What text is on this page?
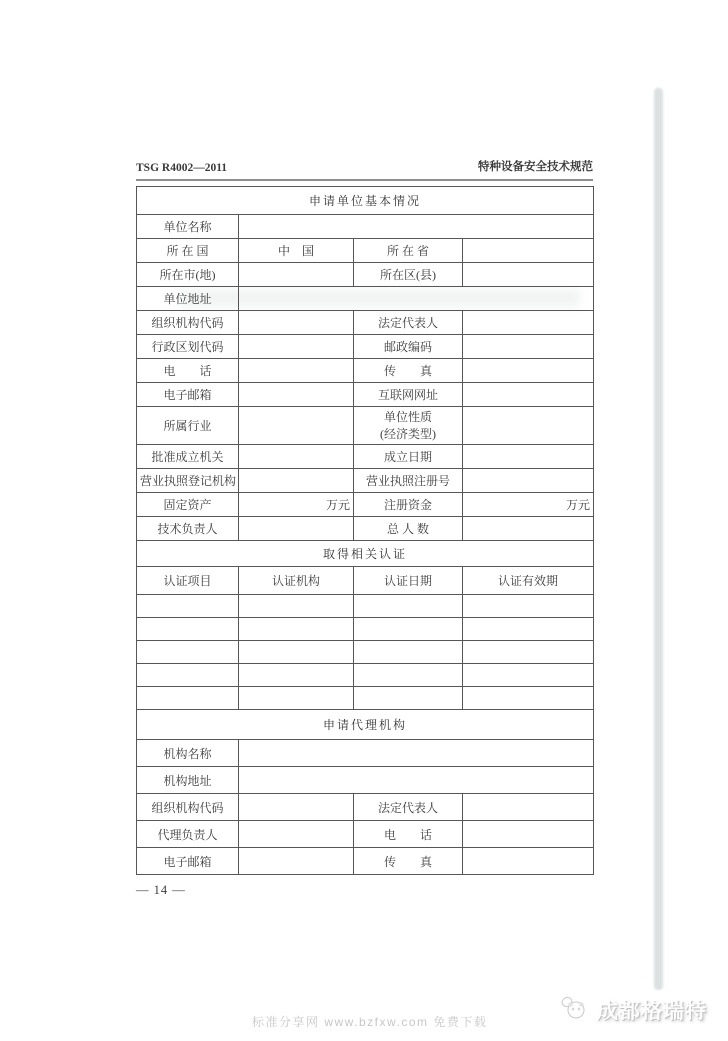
TSG R4002—2011	特种设备安全技术规范
申请单位基本情况			
单位名称			
所 在 国	中　国	所 在 省	
所在市(地)		所在区(县)	
单位地址			
组织机构代码		法定代表人	
行政区划代码		邮政编码	
电　　话		传　　真	
电子邮箱		互联网网址	
所属行业		单位性质
(经济类型)	

批准成立机关		成立日期	
营业执照登记机构		营业执照注册号	
固定资产	万元	注册资金	万元
技术负责人		总 人 数	
取得相关认证			
认证项目	认证机构	认证日期	认证有效期

申请代理机构			
机构名称			
机构地址			
组织机构代码		法定代表人	
代理负责人		电　　话	
电子邮箱		传　　真	
— 14 —
标准分享网 www.bzfxw.com 免费下载	成都格瑞特
